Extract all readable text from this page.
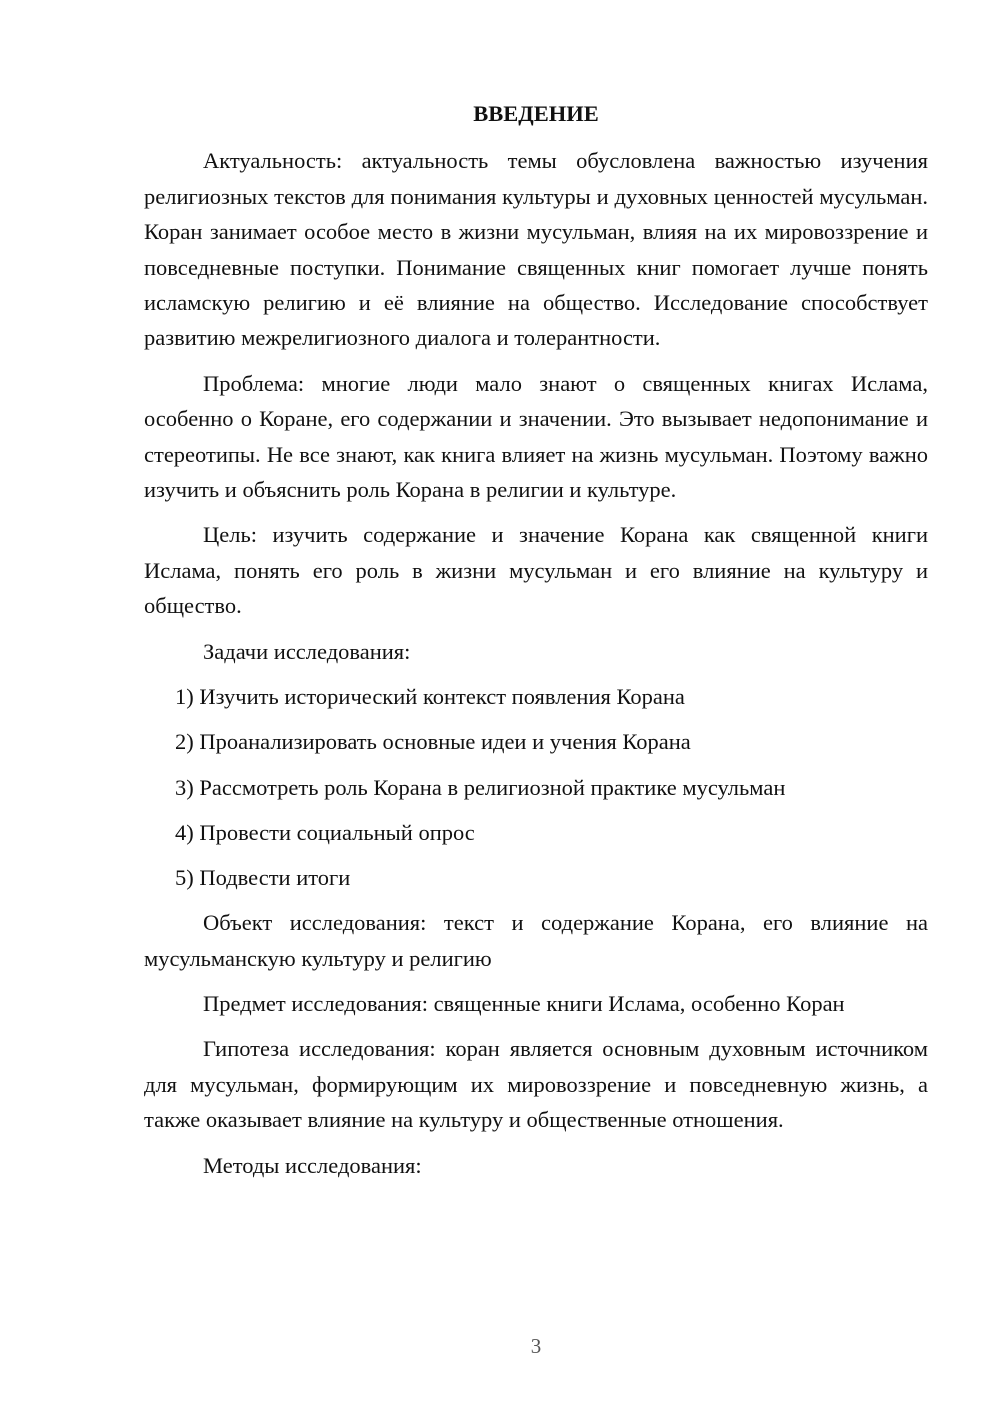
ВВЕДЕНИЕ

Актуальность: актуальность темы обусловлена важностью изучения религиозных текстов для понимания культуры и духовных ценностей мусульман. Коран занимает особое место в жизни мусульман, влияя на их мировоззрение и повседневные поступки. Понимание священных книг помогает лучше понять исламскую религию и её влияние на общество. Исследование способствует развитию межрелигиозного диалога и толерантности.

Проблема: многие люди мало знают о священных книгах Ислама, особенно о Коране, его содержании и значении. Это вызывает недопонимание и стереотипы. Не все знают, как книга влияет на жизнь мусульман. Поэтому важно изучить и объяснить роль Корана в религии и культуре.

Цель: изучить содержание и значение Корана как священной книги Ислама, понять его роль в жизни мусульман и его влияние на культуру и общество.

Задачи исследования:

1) Изучить исторический контекст появления Корана
2) Проанализировать основные идеи и учения Корана
3) Рассмотреть роль Корана в религиозной практике мусульман
4) Провести социальный опрос
5) Подвести итоги

Объект исследования: текст и содержание Корана, его влияние на мусульманскую культуру и религию

Предмет исследования: священные книги Ислама, особенно Коран

Гипотеза исследования: коран является основным духовным источником для мусульман, формирующим их мировоззрение и повседневную жизнь, а также оказывает влияние на культуру и общественные отношения.

Методы исследования:

3
